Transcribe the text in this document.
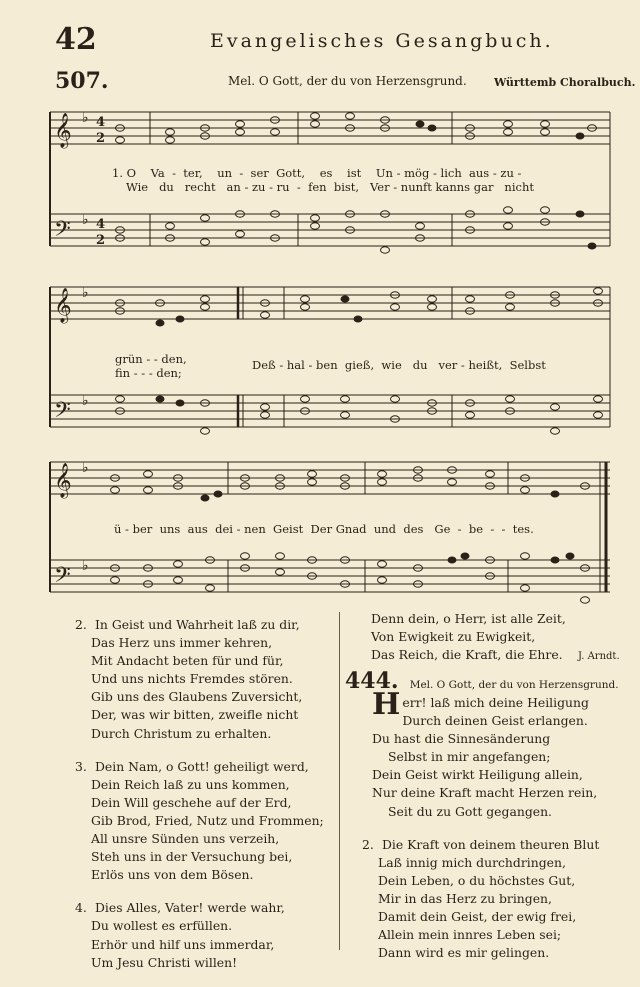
42	Evangelisches Gesangbuch.
507.	Mel. O Gott, der du von Herzensgrund. Württemb Choralbuch.
𝄞
𝄢
♭ 4
2
♭ 4
2
1. O    Va  -  ter,    un  -  ser  Gott,    es    ist    Un - mög - lich  aus - zu -
Wie   du   recht   an - zu - ru  -  fen  bist,   Ver - nunft kanns gar   nicht
𝄞
𝄢
♭
♭
grün - - den,
fin - - - den;
Deß - hal - ben  gieß,  wie   du   ver - heißt,  Selbst
𝄞
𝄢
♭
♭
ü - ber  uns  aus  dei - nen  Geist  Der Gnad  und  des   Ge  -  be  -  -  tes.
2. In Geist und Wahrheit laß zu dir,
Das Herz uns immer kehren,
Mit Andacht beten für und für,
Und uns nichts Fremdes stören.
Gib uns des Glaubens Zuversicht,
Der, was wir bitten, zweifle nicht
Durch Christum zu erhalten.
3. Dein Nam, o Gott! geheiligt werd,
Dein Reich laß zu uns kommen,
Dein Will geschehe auf der Erd,
Gib Brod, Fried, Nutz und Frommen;
All unsre Sünden uns verzeih,
Steh uns in der Versuchung bei,
Erlös uns von dem Bösen.
4. Dies Alles, Vater! werde wahr,
Du wollest es erfüllen.
Erhör und hilf uns immerdar,
Um Jesu Christi willen!
Denn dein, o Herr, ist alle Zeit,
Von Ewigkeit zu Ewigkeit,
Das Reich, die Kraft, die Ehre.	J. Arndt.
444. Mel. O Gott, der du von Herzensgrund.
Herr! laß mich deine Heiligung
Durch deinen Geist erlangen.
Du hast die Sinnesänderung
Selbst in mir angefangen;
Dein Geist wirkt Heiligung allein,
Nur deine Kraft macht Herzen rein,
Seit du zu Gott gegangen.
2. Die Kraft von deinem theuren Blut
Laß innig mich durchdringen,
Dein Leben, o du höchstes Gut,
Mir in das Herz zu bringen,
Damit dein Geist, der ewig frei,
Allein mein innres Leben sei;
Dann wird es mir gelingen.
